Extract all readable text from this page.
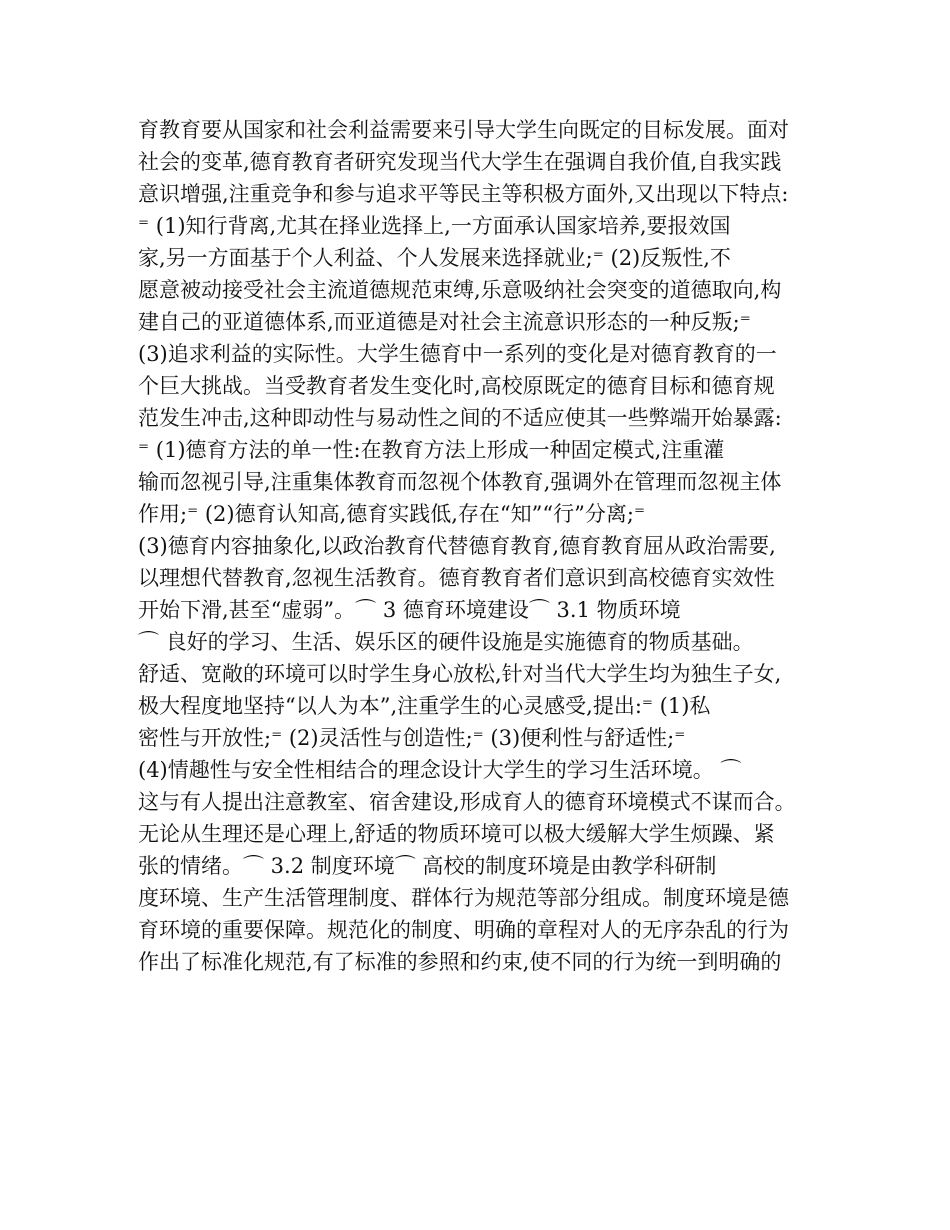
育教育要从国家和社会利益需要来引导大学生向既定的目标发展。面对
社会的变革,德育教育者研究发现当代大学生在强调自我价值,自我实践
意识增强,注重竞争和参与追求平等民主等积极方面外,又出现以下特点:
⁼ (1)知行背离,尤其在择业选择上,一方面承认国家培养,要报效国
家,另一方面基于个人利益、个人发展来选择就业;⁼ (2)反叛性,不
愿意被动接受社会主流道德规范束缚,乐意吸纳社会突变的道德取向,构
建自己的亚道德体系,而亚道德是对社会主流意识形态的一种反叛;⁼
(3)追求利益的实际性。大学生德育中一系列的变化是对德育教育的一
个巨大挑战。当受教育者发生变化时,高校原既定的德育目标和德育规
范发生冲击,这种即动性与易动性之间的不适应使其一些弊端开始暴露:
⁼ (1)德育方法的单一性:在教育方法上形成一种固定模式,注重灌
输而忽视引导,注重集体教育而忽视个体教育,强调外在管理而忽视主体
作用;⁼ (2)德育认知高,德育实践低,存在“知”“行”分离;⁼
(3)德育内容抽象化,以政治教育代替德育教育,德育教育屈从政治需要,
以理想代替教育,忽视生活教育。德育教育者们意识到高校德育实效性
开始下滑,甚至“虚弱”。⌒ 3 德育环境建设⌒ 3.1 物质环境
⌒ 良好的学习、生活、娱乐区的硬件设施是实施德育的物质基础。
舒适、宽敞的环境可以时学生身心放松,针对当代大学生均为独生子女,
极大程度地坚持“以人为本”,注重学生的心灵感受,提出:⁼ (1)私
密性与开放性;⁼ (2)灵活性与创造性;⁼ (3)便利性与舒适性;⁼
(4)情趣性与安全性相结合的理念设计大学生的学习生活环境。 ⌒
这与有人提出注意教室、宿舍建设,形成育人的德育环境模式不谋而合。
无论从生理还是心理上,舒适的物质环境可以极大缓解大学生烦躁、紧
张的情绪。⌒ 3.2 制度环境⌒ 高校的制度环境是由教学科研制
度环境、生产生活管理制度、群体行为规范等部分组成。制度环境是德
育环境的重要保障。规范化的制度、明确的章程对人的无序杂乱的行为
作出了标准化规范,有了标准的参照和约束,使不同的行为统一到明确的
